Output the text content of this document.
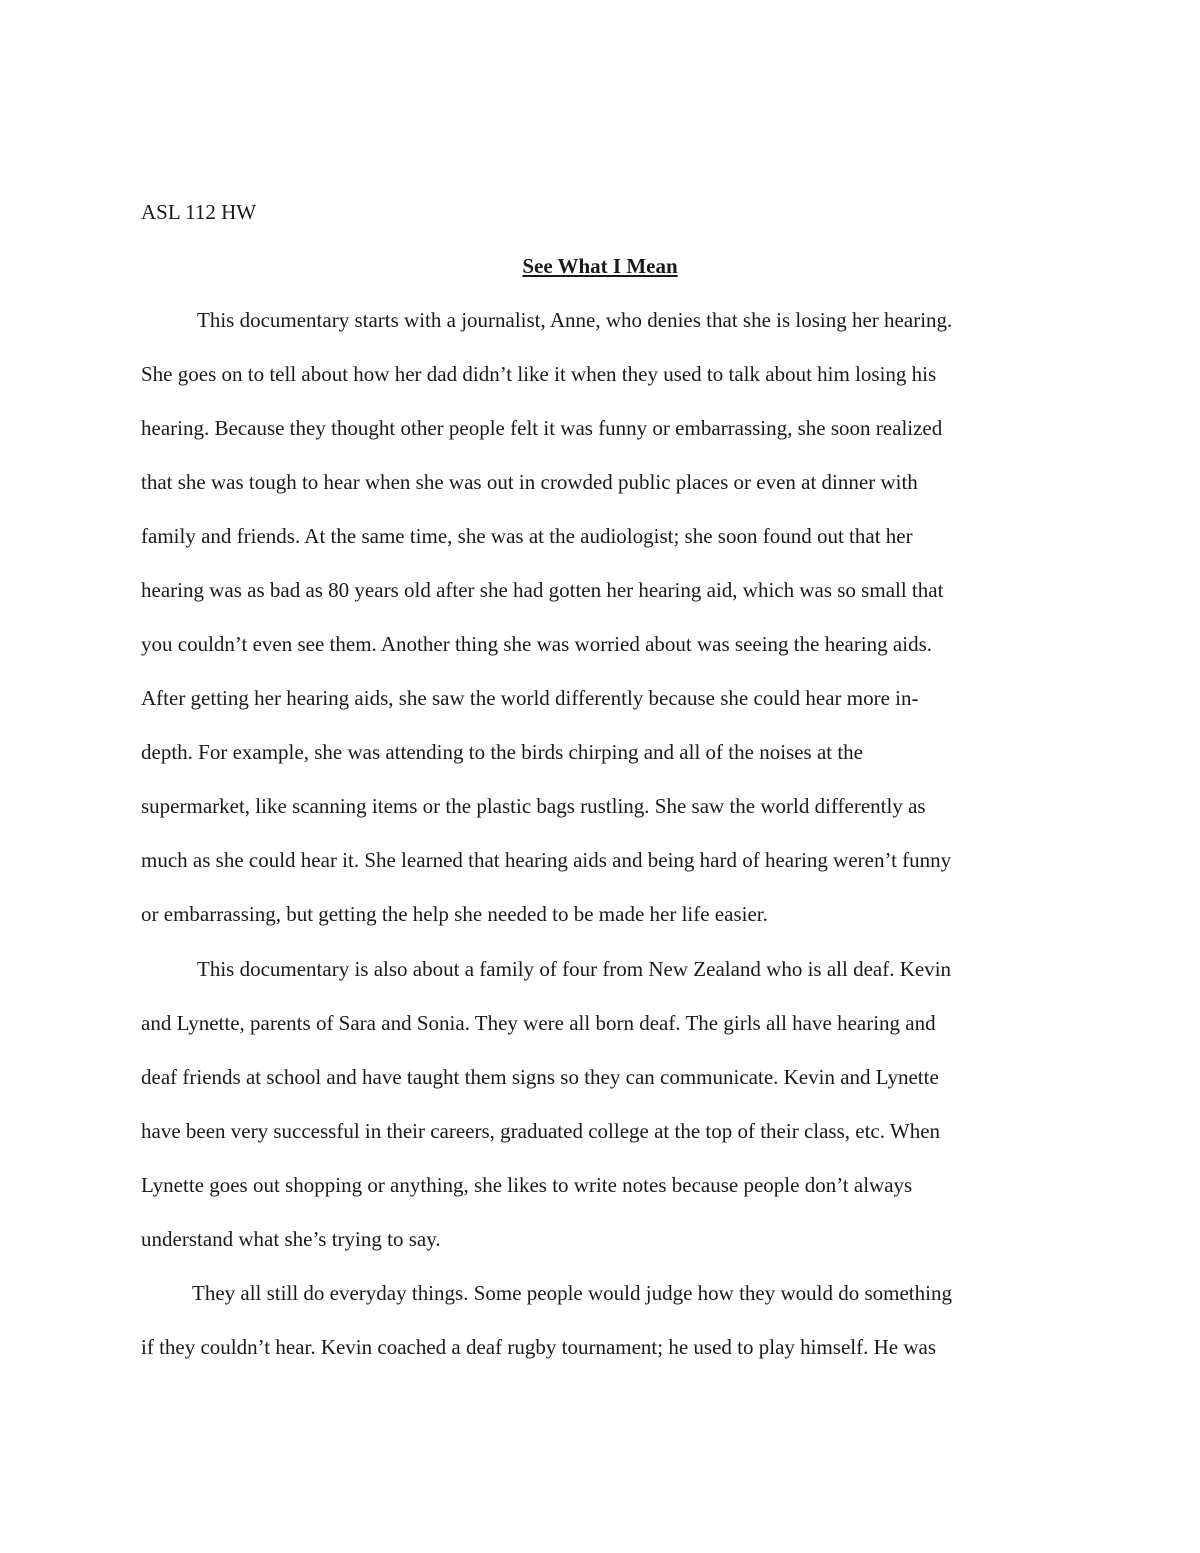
ASL 112 HW
See What I Mean
This documentary starts with a journalist, Anne, who denies that she is losing her hearing.
She goes on to tell about how her dad didn’t like it when they used to talk about him losing his
hearing. Because they thought other people felt it was funny or embarrassing, she soon realized
that she was tough to hear when she was out in crowded public places or even at dinner with
family and friends. At the same time, she was at the audiologist; she soon found out that her
hearing was as bad as 80 years old after she had gotten her hearing aid, which was so small that
you couldn’t even see them. Another thing she was worried about was seeing the hearing aids.
After getting her hearing aids, she saw the world differently because she could hear more in-
depth. For example, she was attending to the birds chirping and all of the noises at the
supermarket, like scanning items or the plastic bags rustling. She saw the world differently as
much as she could hear it. She learned that hearing aids and being hard of hearing weren’t funny
or embarrassing, but getting the help she needed to be made her life easier.
This documentary is also about a family of four from New Zealand who is all deaf. Kevin
and Lynette, parents of Sara and Sonia. They were all born deaf. The girls all have hearing and
deaf friends at school and have taught them signs so they can communicate. Kevin and Lynette
have been very successful in their careers, graduated college at the top of their class, etc. When
Lynette goes out shopping or anything, she likes to write notes because people don’t always
understand what she’s trying to say.
They all still do everyday things. Some people would judge how they would do something
if they couldn’t hear. Kevin coached a deaf rugby tournament; he used to play himself. He was
